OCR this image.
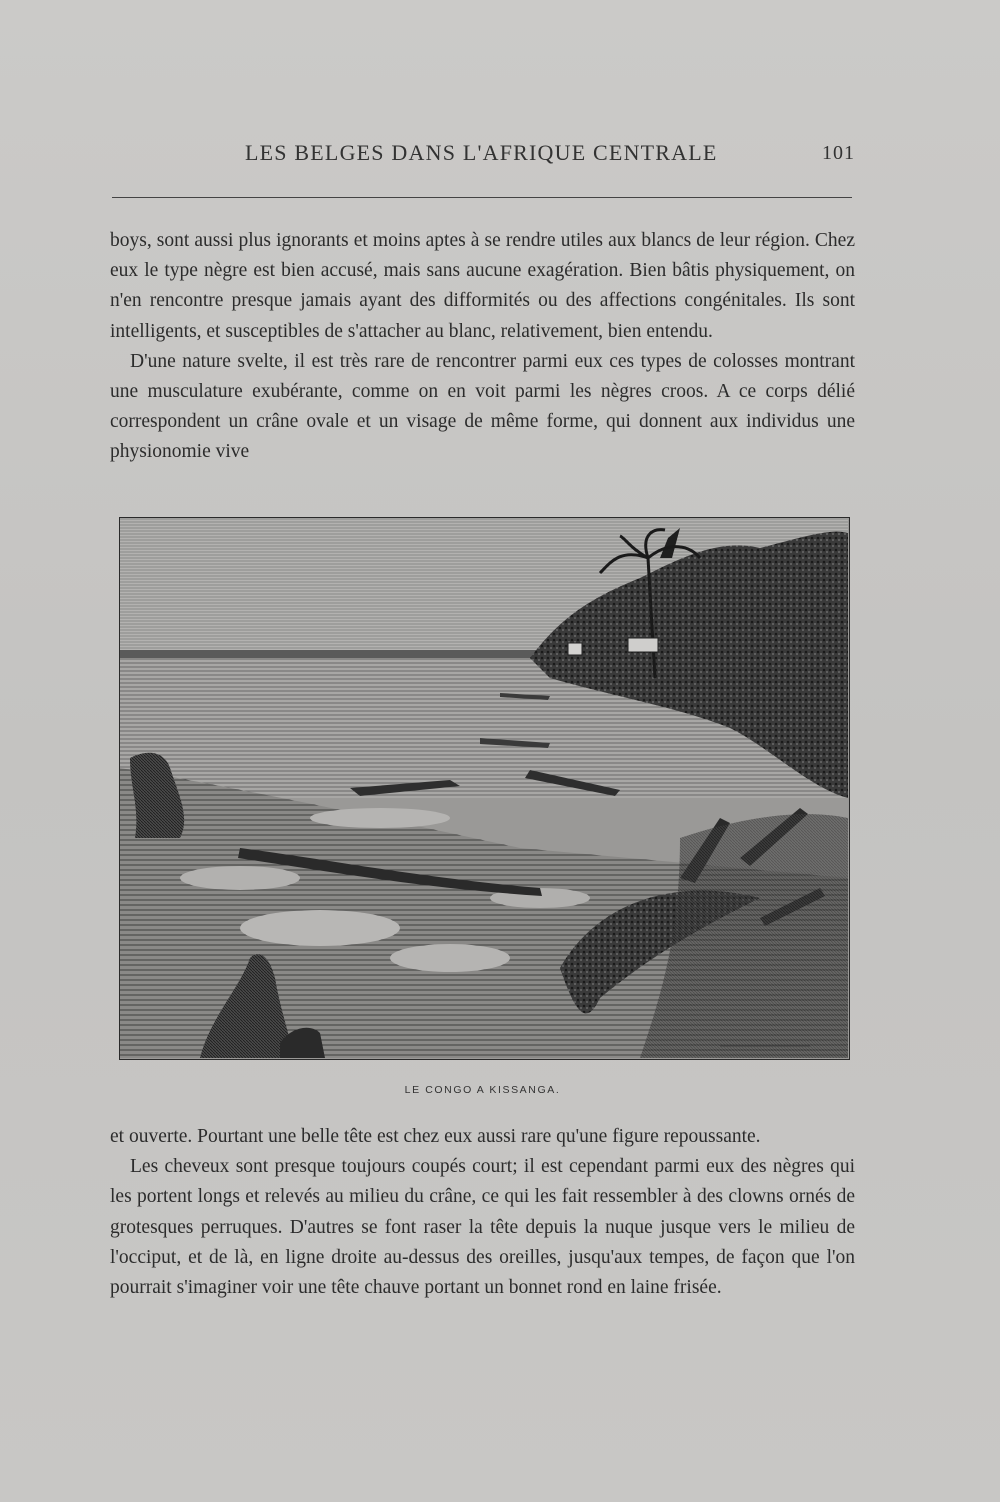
LES BELGES DANS L'AFRIQUE CENTRALE	101

boys, sont aussi plus ignorants et moins aptes à se rendre utiles aux blancs de leur région. Chez eux le type nègre est bien accusé, mais sans aucune exagération. Bien bâtis physiquement, on n'en rencontre presque jamais ayant des difformités ou des affections congénitales. Ils sont intelligents, et susceptibles de s'attacher au blanc, relativement, bien entendu.

D'une nature svelte, il est très rare de rencontrer parmi eux ces types de colosses montrant une musculature exubérante, comme on en voit parmi les nègres croos. A ce corps délié correspondent un crâne ovale et un visage de même forme, qui donnent aux individus une physionomie vive

LE CONGO A KISSANGA.

et ouverte. Pourtant une belle tête est chez eux aussi rare qu'une figure repoussante.

Les cheveux sont presque toujours coupés court; il est cependant parmi eux des nègres qui les portent longs et relevés au milieu du crâne, ce qui les fait ressembler à des clowns ornés de grotesques perruques. D'autres se font raser la tête depuis la nuque jusque vers le milieu de l'occiput, et de là, en ligne droite au-dessus des oreilles, jusqu'aux tempes, de façon que l'on pourrait s'imaginer voir une tête chauve portant un bonnet rond en laine frisée.
